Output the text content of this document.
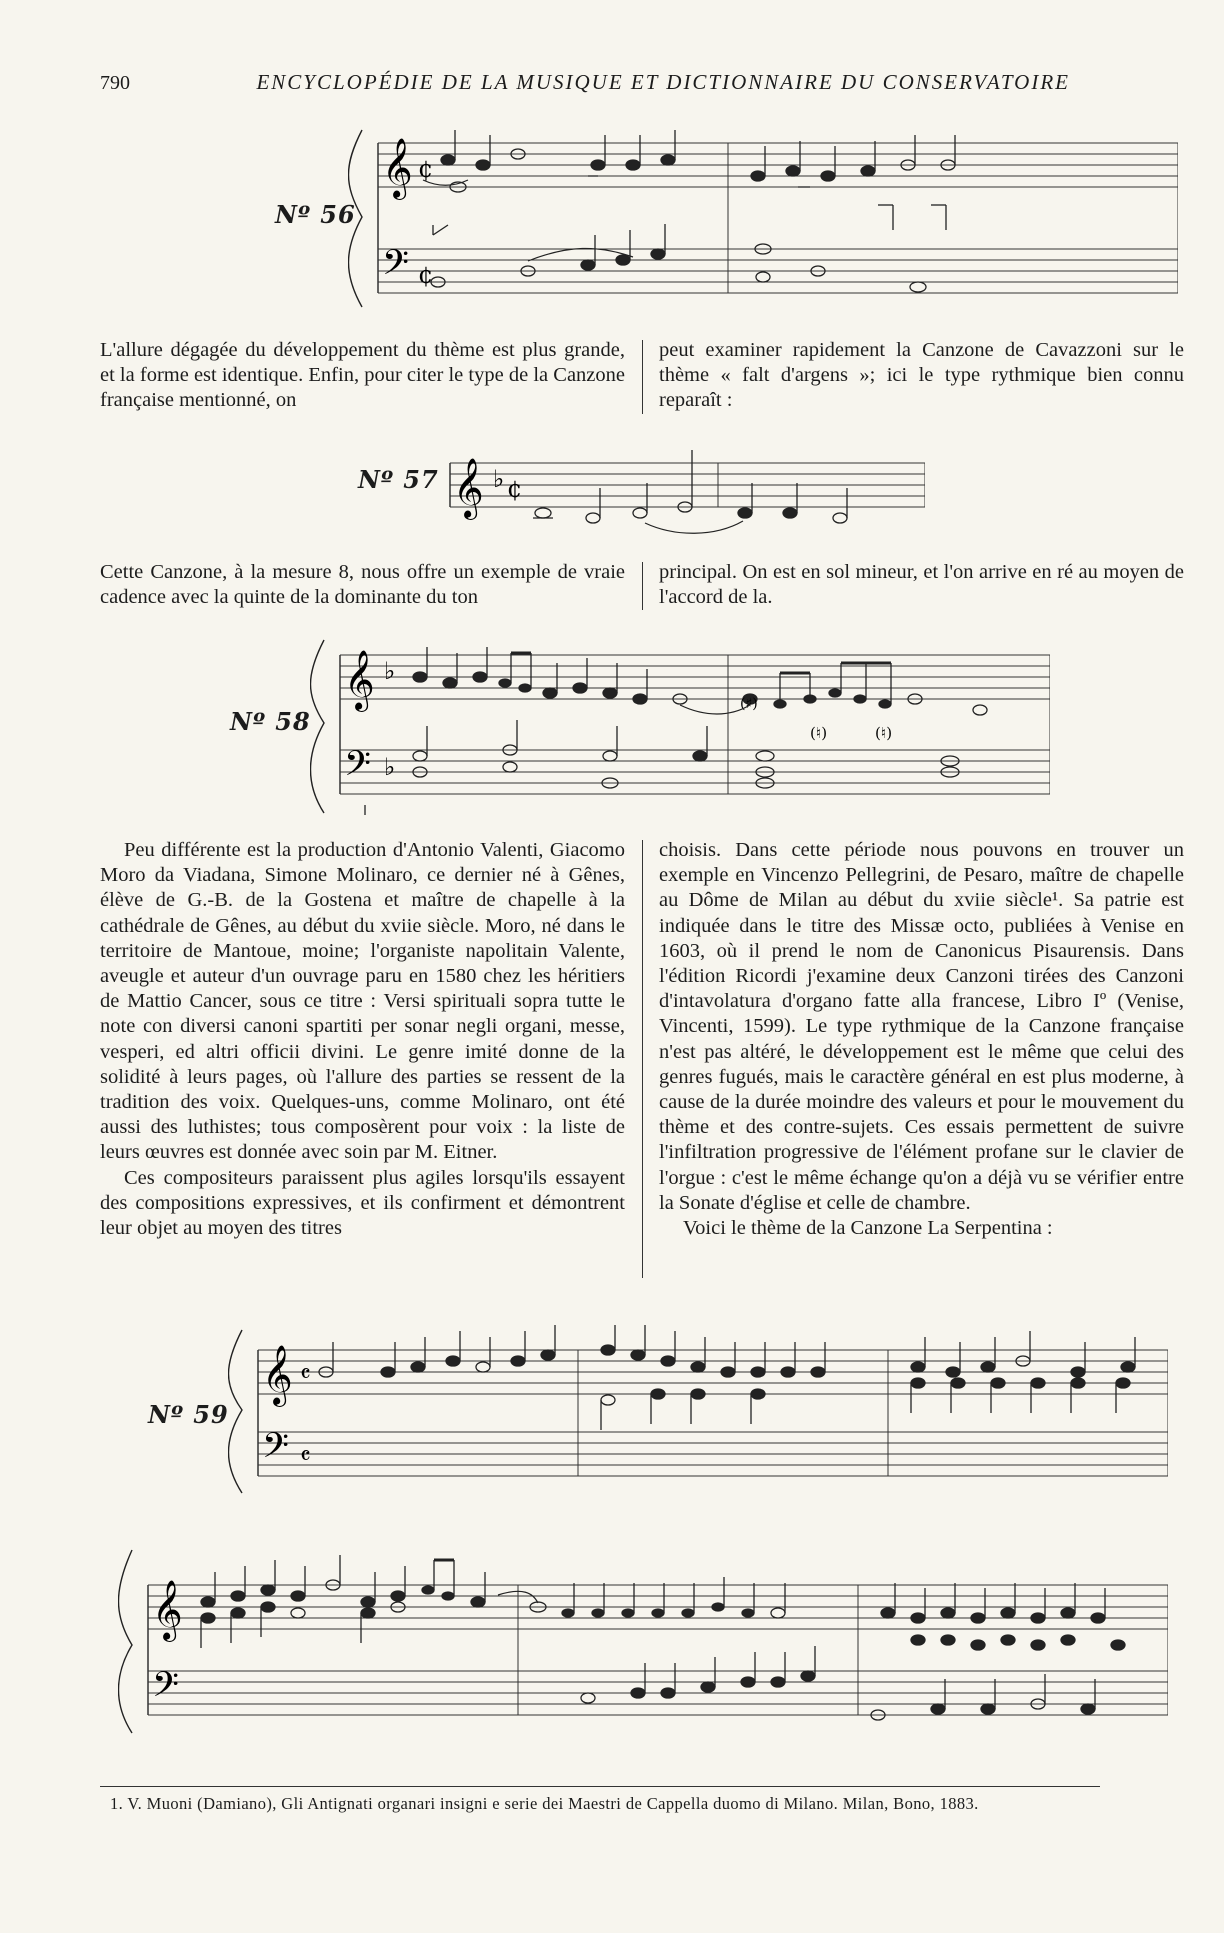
790	ENCYCLOPÉDIE DE LA MUSIQUE ET DICTIONNAIRE DU CONSERVATOIRE
Nº 56
𝄞
𝄢
¢
¢

L'allure dégagée du développement du thème est plus grande, et la forme est identique. Enfin, pour citer le type de la Canzone française mentionné, on

peut examiner rapidement la Canzone de Cavazzoni sur le thème « falt d'argens »; ici le type rythmique bien connu reparaît :

Nº 57 𝄞 ♭ ¢

Cette Canzone, à la mesure 8, nous offre un exemple de vraie cadence avec la quinte de la dominante du ton

principal. On est en sol mineur, et l'on arrive en ré au moyen de l'accord de la.

Nº 58
𝄞
𝄢
♭
♭
(♯)
(♮)	(♮)

Peu différente est la production d'Antonio Valenti, Giacomo Moro da Viadana, Simone Molinaro, ce dernier né à Gênes, élève de G.-B. de la Gostena et maître de chapelle à la cathédrale de Gênes, au début du xviie siècle. Moro, né dans le territoire de Mantoue, moine; l'organiste napolitain Valente, aveugle et auteur d'un ouvrage paru en 1580 chez les héritiers de Mattio Cancer, sous ce titre : Versi spirituali sopra tutte le note con diversi canoni spartiti per sonar negli organi, messe, vesperi, ed altri officii divini. Le genre imité donne de la solidité à leurs pages, où l'allure des parties se ressent de la tradition des voix. Quelques-uns, comme Molinaro, ont été aussi des luthistes; tous composèrent pour voix : la liste de leurs œuvres est donnée avec soin par M. Eitner.

Ces compositeurs paraissent plus agiles lorsqu'ils essayent des compositions expressives, et ils confirment et démontrent leur objet au moyen des titres

choisis. Dans cette période nous pouvons en trouver un exemple en Vincenzo Pellegrini, de Pesaro, maître de chapelle au Dôme de Milan au début du xviie siècle¹. Sa patrie est indiquée dans le titre des Missæ octo, publiées à Venise en 1603, où il prend le nom de Canonicus Pisaurensis. Dans l'édition Ricordi j'examine deux Canzoni tirées des Canzoni d'intavolatura d'organo fatte alla francese, Libro Iº (Venise, Vincenti, 1599). Le type rythmique de la Canzone française n'est pas altéré, le développement est le même que celui des genres fugués, mais le caractère général en est plus moderne, à cause de la durée moindre des valeurs et pour le mouvement du thème et des contre-sujets. Ces essais permettent de suivre l'infiltration progressive de l'élément profane sur le clavier de l'orgue : c'est le même échange qu'on a déjà vu se vérifier entre la Sonate d'église et celle de chambre.

Voici le thème de la Canzone La Serpentina :

Nº 59
𝄞
𝄢
𝄴
𝄴
𝄞
𝄢
1. V. Muoni (Damiano), Gli Antignati organari insigni e serie dei Maestri de Cappella duomo di Milano. Milan, Bono, 1883.
